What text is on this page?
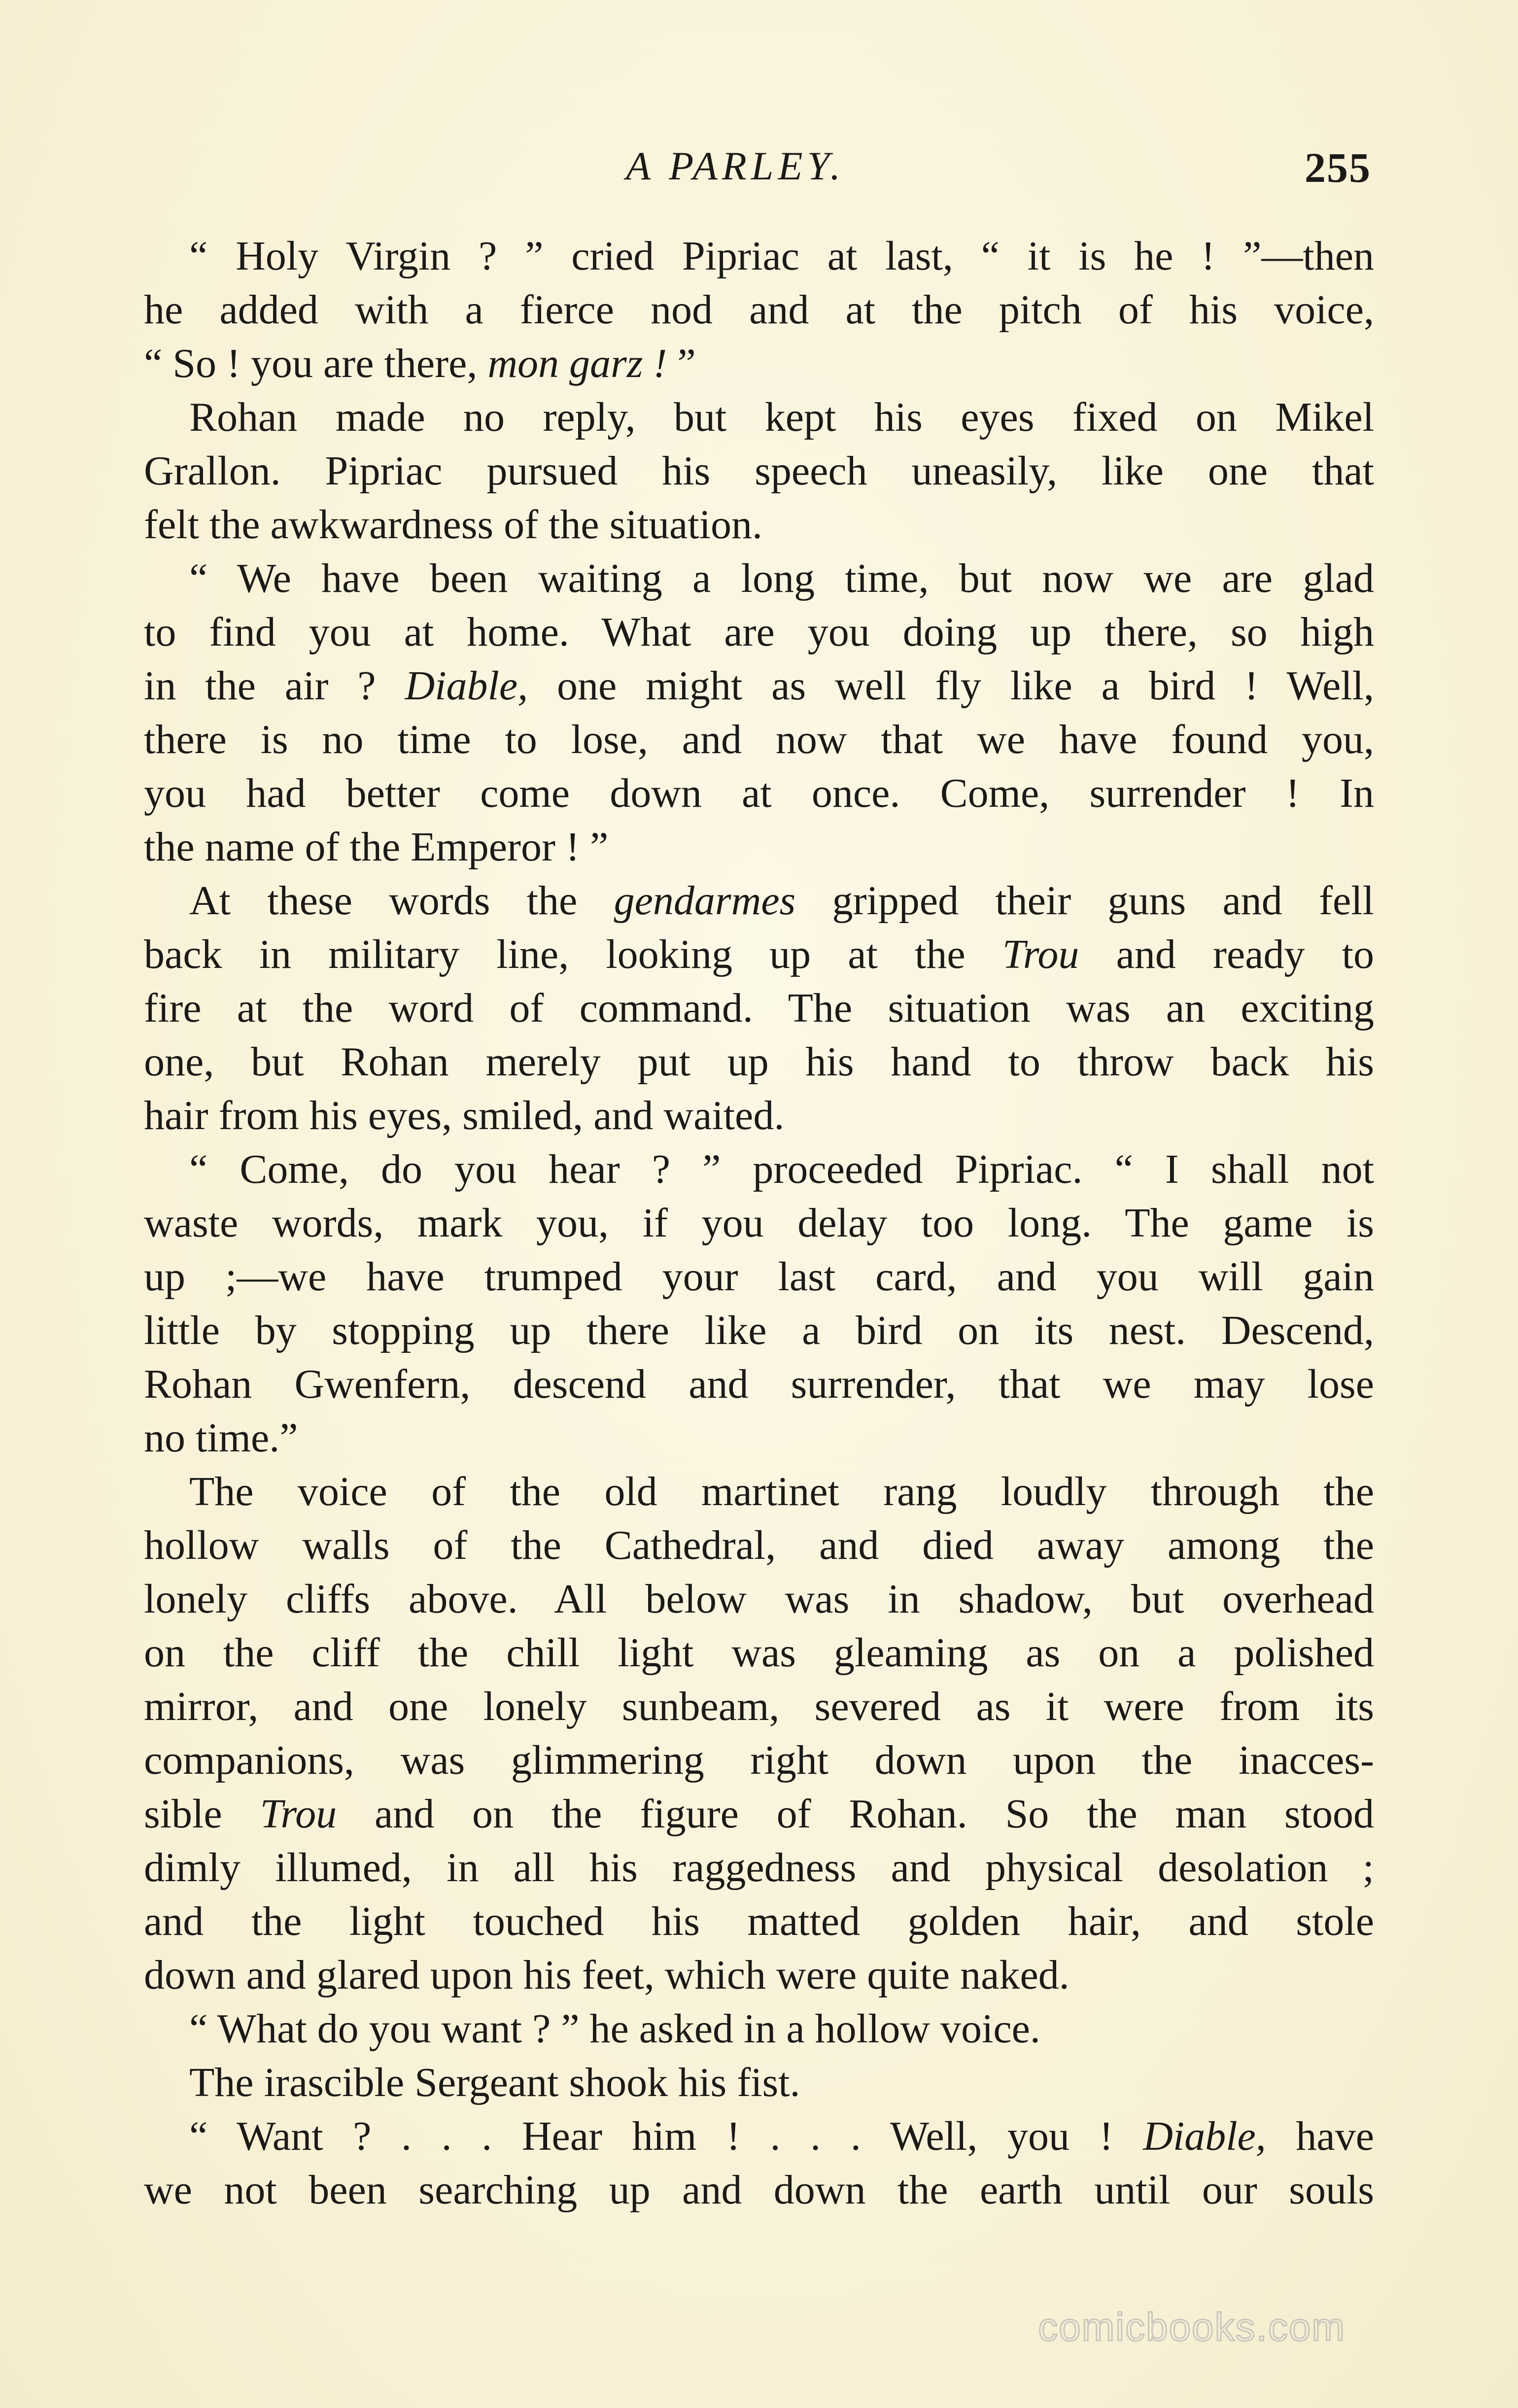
A PARLEY.	255
“ Holy Virgin ? ” cried Pipriac at last, “ it is he ! ”—then
he added with a fierce nod and at the pitch of his voice,
“ So ! you are there, mon garz ! ”
Rohan made no reply, but kept his eyes fixed on Mikel
Grallon. Pipriac pursued his speech uneasily, like one that
felt the awkwardness of the situation.
“ We have been waiting a long time, but now we are glad
to find you at home. What are you doing up there, so high
in the air ? Diable, one might as well fly like a bird ! Well,
there is no time to lose, and now that we have found you,
you had better come down at once. Come, surrender ! In
the name of the Emperor ! ”
At these words the gendarmes gripped their guns and fell
back in military line, looking up at the Trou and ready to
fire at the word of command. The situation was an exciting
one, but Rohan merely put up his hand to throw back his
hair from his eyes, smiled, and waited.
“ Come, do you hear ? ” proceeded Pipriac. “ I shall not
waste words, mark you, if you delay too long. The game is
up ;—we have trumped your last card, and you will gain
little by stopping up there like a bird on its nest. Descend,
Rohan Gwenfern, descend and surrender, that we may lose
no time.”
The voice of the old martinet rang loudly through the
hollow walls of the Cathedral, and died away among the
lonely cliffs above. All below was in shadow, but overhead
on the cliff the chill light was gleaming as on a polished
mirror, and one lonely sunbeam, severed as it were from its
companions, was glimmering right down upon the inacces-
sible Trou and on the figure of Rohan. So the man stood
dimly illumed, in all his raggedness and physical desolation ;
and the light touched his matted golden hair, and stole
down and glared upon his feet, which were quite naked.
“ What do you want ? ” he asked in a hollow voice.
The irascible Sergeant shook his fist.
“ Want ? . . . Hear him ! . . . Well, you ! Diable, have
we not been searching up and down the earth until our souls
comicbooks.com
